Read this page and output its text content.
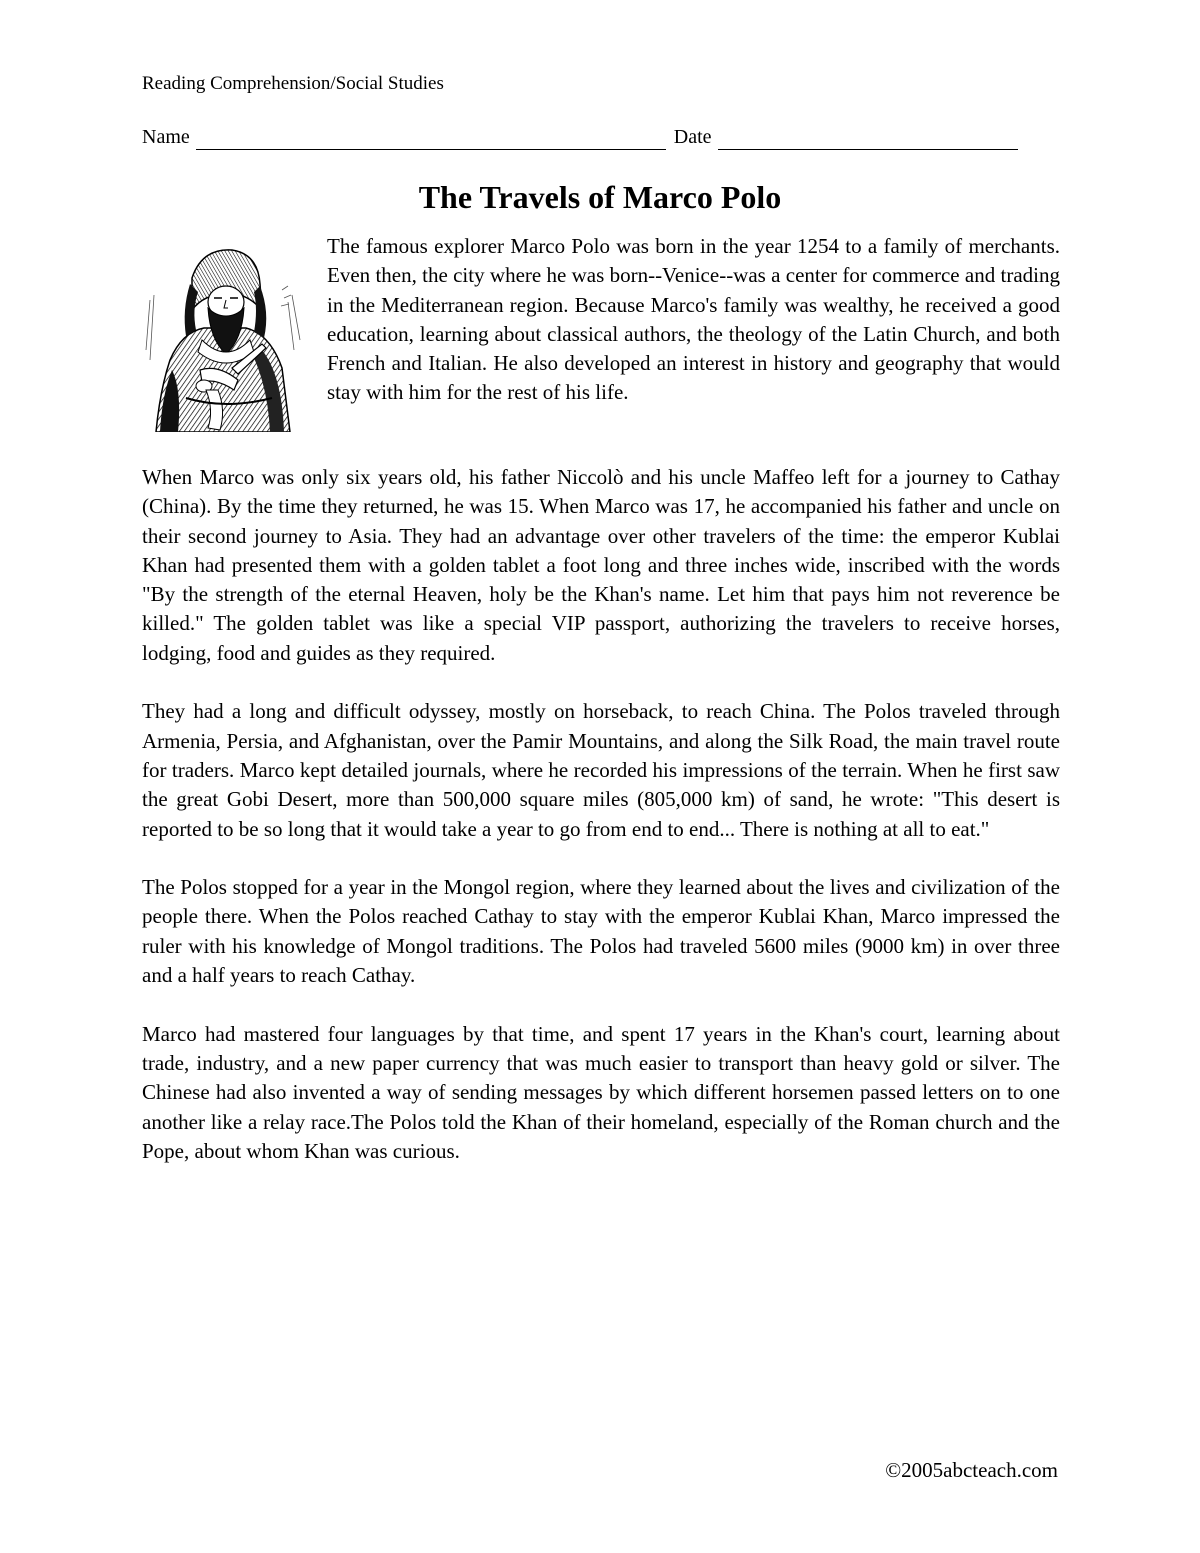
Reading Comprehension/Social Studies
Name	Date
The Travels of Marco Polo
The famous explorer Marco Polo was born in the year 1254 to a family of merchants. Even then, the city where he was born--Venice--was a center for commerce and trading in the Mediterranean region. Because Marco's family was wealthy, he received a good education, learning about classical authors, the theology of the Latin Church, and both French and Italian. He also developed an interest in history and geography that would stay with him for the rest of his life.

When Marco was only six years old, his father Niccolò and his uncle Maffeo left for a journey to Cathay (China). By the time they returned, he was 15. When Marco was 17, he accompanied his father and uncle on their second journey to Asia. They had an advantage over other travelers of the time: the emperor Kublai Khan had presented them with a golden tablet a foot long and three inches wide, inscribed with the words "By the strength of the eternal Heaven, holy be the Khan's name. Let him that pays him not reverence be killed." The golden tablet was like a special VIP passport, authorizing the travelers to receive horses, lodging, food and guides as they required.

They had a long and difficult odyssey, mostly on horseback, to reach China. The Polos traveled through Armenia, Persia, and Afghanistan, over the Pamir Mountains, and along the Silk Road, the main travel route for traders. Marco kept detailed journals, where he recorded his impressions of the terrain. When he first saw the great Gobi Desert, more than 500,000 square miles (805,000 km) of sand, he wrote: "This desert is reported to be so long that it would take a year to go from end to end... There is nothing at all to eat."

The Polos stopped for a year in the Mongol region, where they learned about the lives and civilization of the people there. When the Polos reached Cathay to stay with the emperor Kublai Khan, Marco impressed the ruler with his knowledge of Mongol traditions. The Polos had traveled 5600 miles (9000 km) in over three and a half years to reach Cathay.

Marco had mastered four languages by that time, and spent 17 years in the Khan's court, learning about trade, industry, and a new paper currency that was much easier to transport than heavy gold or silver. The Chinese had also invented a way of sending messages by which different horsemen passed letters on to one another like a relay race.The Polos told the Khan of their homeland, especially of the Roman church and the Pope, about whom Khan was curious.

©2005abcteach.com
